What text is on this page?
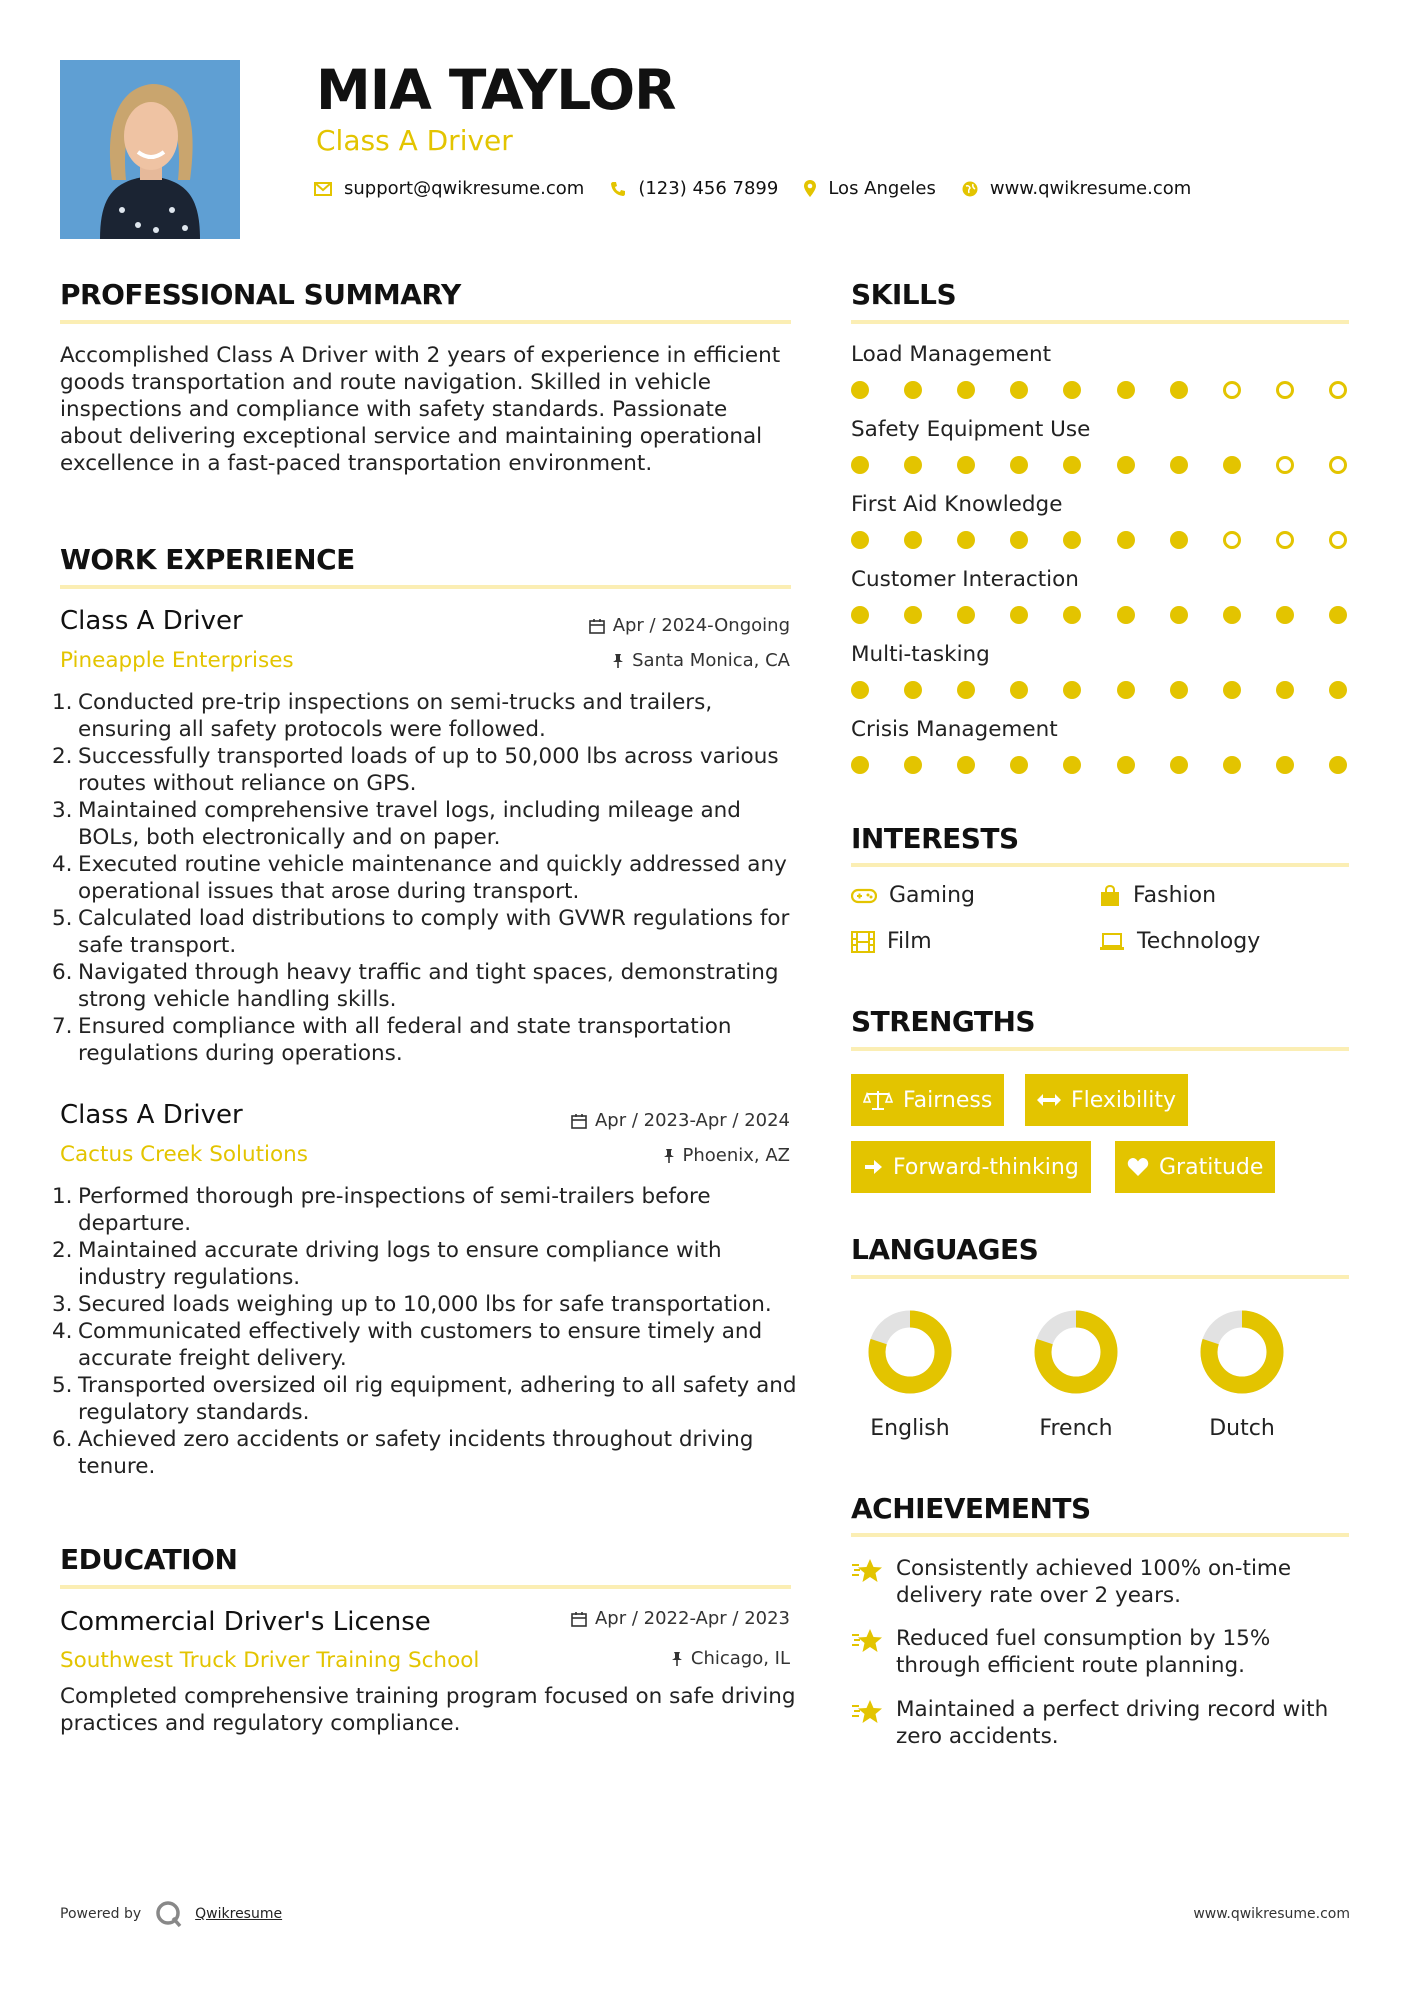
MIA TAYLOR
Class A Driver
support@qwikresume.com	(123) 456 7899	Los Angeles	www.qwikresume.com
PROFESSIONAL SUMMARY
Accomplished Class A Driver with 2 years of experience in efficient goods transportation and route navigation. Skilled in vehicle inspections and compliance with safety standards. Passionate about delivering exceptional service and maintaining operational excellence in a fast-paced transportation environment.
WORK EXPERIENCE
Class A Driver
Pineapple Enterprises
Apr / 2024-Ongoing
Santa Monica, CA
1. Conducted pre-trip inspections on semi-trucks and trailers, ensuring all safety protocols were followed.
2. Successfully transported loads of up to 50,000 lbs across various routes without reliance on GPS.
3. Maintained comprehensive travel logs, including mileage and BOLs, both electronically and on paper.
4. Executed routine vehicle maintenance and quickly addressed any operational issues that arose during transport.
5. Calculated load distributions to comply with GVWR regulations for safe transport.
6. Navigated through heavy traffic and tight spaces, demonstrating strong vehicle handling skills.
7. Ensured compliance with all federal and state transportation regulations during operations.
Class A Driver
Cactus Creek Solutions
Apr / 2023-Apr / 2024
Phoenix, AZ
1. Performed thorough pre-inspections of semi-trailers before departure.
2. Maintained accurate driving logs to ensure compliance with industry regulations.
3. Secured loads weighing up to 10,000 lbs for safe transportation.
4. Communicated effectively with customers to ensure timely and accurate freight delivery.
5. Transported oversized oil rig equipment, adhering to all safety and regulatory standards.
6. Achieved zero accidents or safety incidents throughout driving tenure.
EDUCATION
Commercial Driver's License
Southwest Truck Driver Training School
Apr / 2022-Apr / 2023
Chicago, IL
Completed comprehensive training program focused on safe driving practices and regulatory compliance.
SKILLS
Load Management
Safety Equipment Use
First Aid Knowledge
Customer Interaction
Multi-tasking
Crisis Management
INTERESTS
Gaming	Fashion
Film	Technology
STRENGTHS
Fairness	Flexibility
Forward-thinking	Gratitude
LANGUAGES
English	French	Dutch
ACHIEVEMENTS
Consistently achieved 100% on-time delivery rate over 2 years.
Reduced fuel consumption by 15% through efficient route planning.
Maintained a perfect driving record with zero accidents.
Powered by	Qwikresume	www.qwikresume.com
